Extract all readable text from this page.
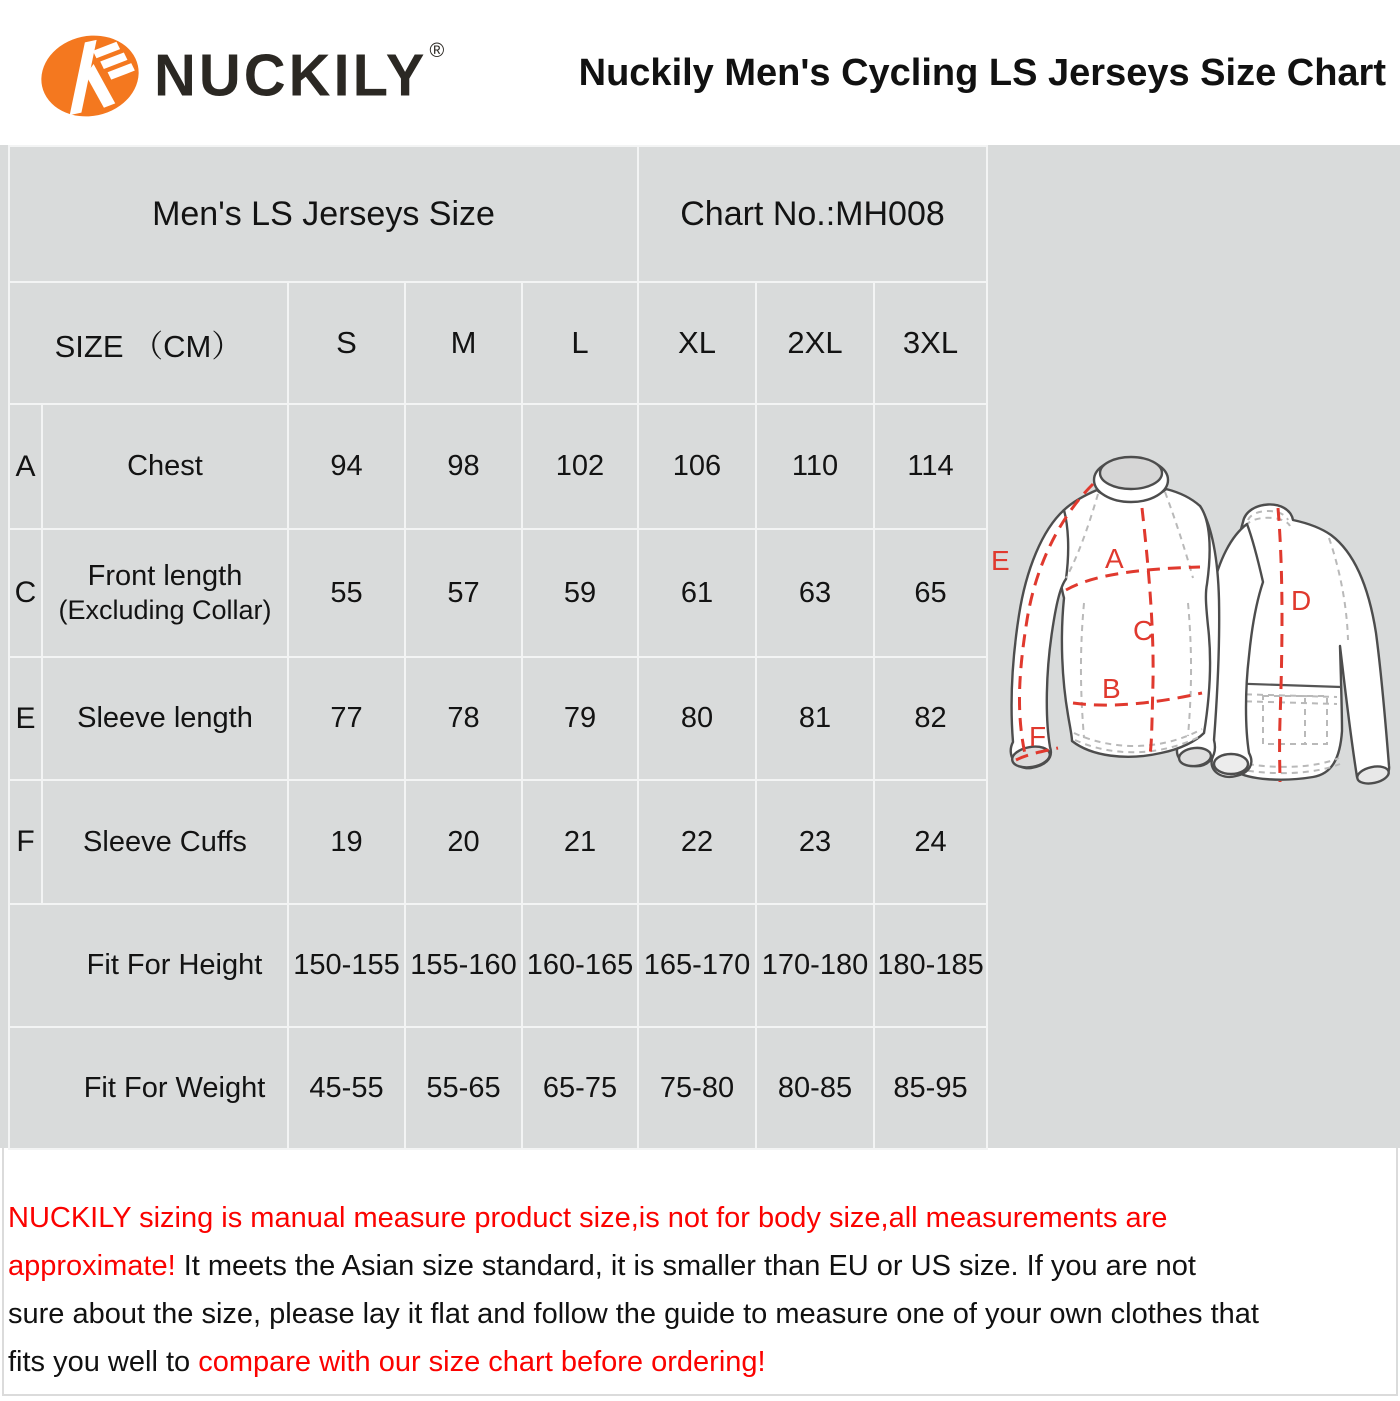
NUCKILY ®
Nuckily Men's Cycling LS Jerseys Size Chart
Men's LS Jerseys Size					Chart No.:MH008		
SIZE （CM）		S	M	L	XL	2XL	3XL
A	Chest	94	98	102	106	110	114
C	Front length
(Excluding Collar)	55	57	59	61	63	65
E	Sleeve length	77	78	79	80	81	82
F	Sleeve Cuffs	19	20	21	22	23	24
Fit For Height		150-155	155-160	160-165	165-170	170-180	180-185
Fit For Weight		45-55	55-65	65-75	75-80	80-85	85-95
E	A
C
B
F
D
NUCKILY sizing is manual measure product size,is not for body size,all measurements are
approximate! It meets the Asian size standard, it is smaller than EU or US size. If you are not
sure about the size, please lay it flat and follow the guide to measure one of your own clothes that
fits you well to compare with our size chart before ordering!
